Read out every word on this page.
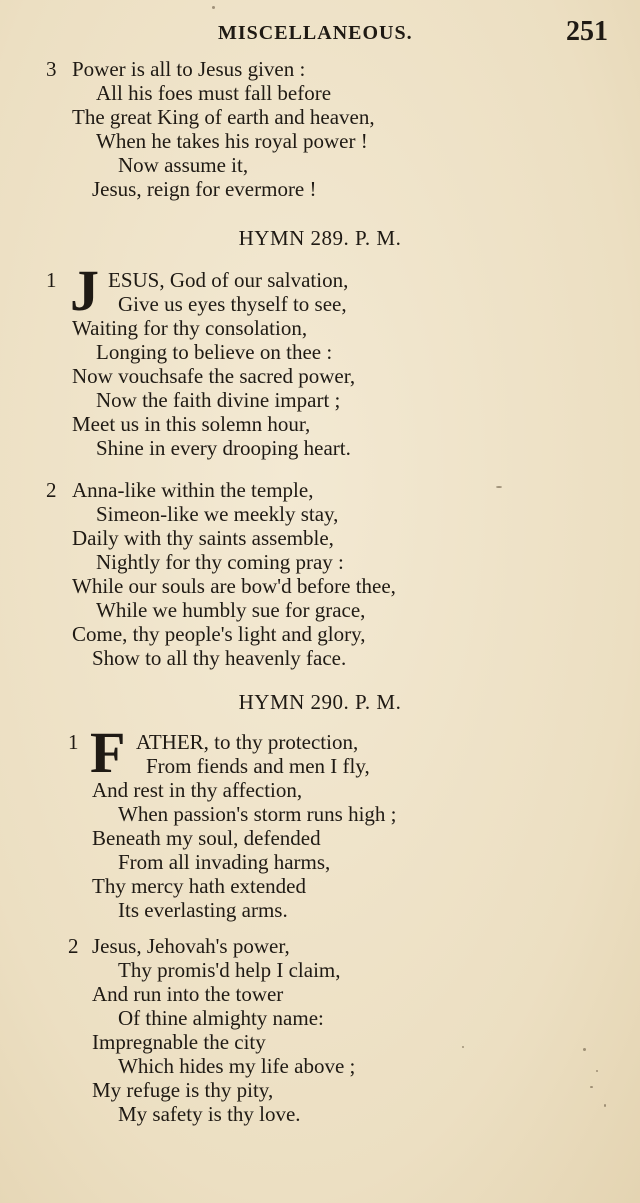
MISCELLANEOUS.	251
3 Power is all to Jesus given :
All his foes must fall before
The great King of earth and heaven,
When he takes his royal power !
Now assume it,
Jesus, reign for evermore !
HYMN 289. P. M.
1 J ESUS, God of our salvation,
Give us eyes thyself to see,
Waiting for thy consolation,
Longing to believe on thee :
Now vouchsafe the sacred power,
Now the faith divine impart ;
Meet us in this solemn hour,
Shine in every drooping heart.
2 Anna-like within the temple,
Simeon-like we meekly stay,
Daily with thy saints assemble,
Nightly for thy coming pray :
While our souls are bow'd before thee,
While we humbly sue for grace,
Come, thy people's light and glory,
Show to all thy heavenly face.
HYMN 290. P. M.
1 F ATHER, to thy protection,
From fiends and men I fly,
And rest in thy affection,
When passion's storm runs high ;
Beneath my soul, defended
From all invading harms,
Thy mercy hath extended
Its everlasting arms.
2 Jesus, Jehovah's power,
Thy promis'd help I claim,
And run into the tower
Of thine almighty name:
Impregnable the city
Which hides my life above ;
My refuge is thy pity,
My safety is thy love.
